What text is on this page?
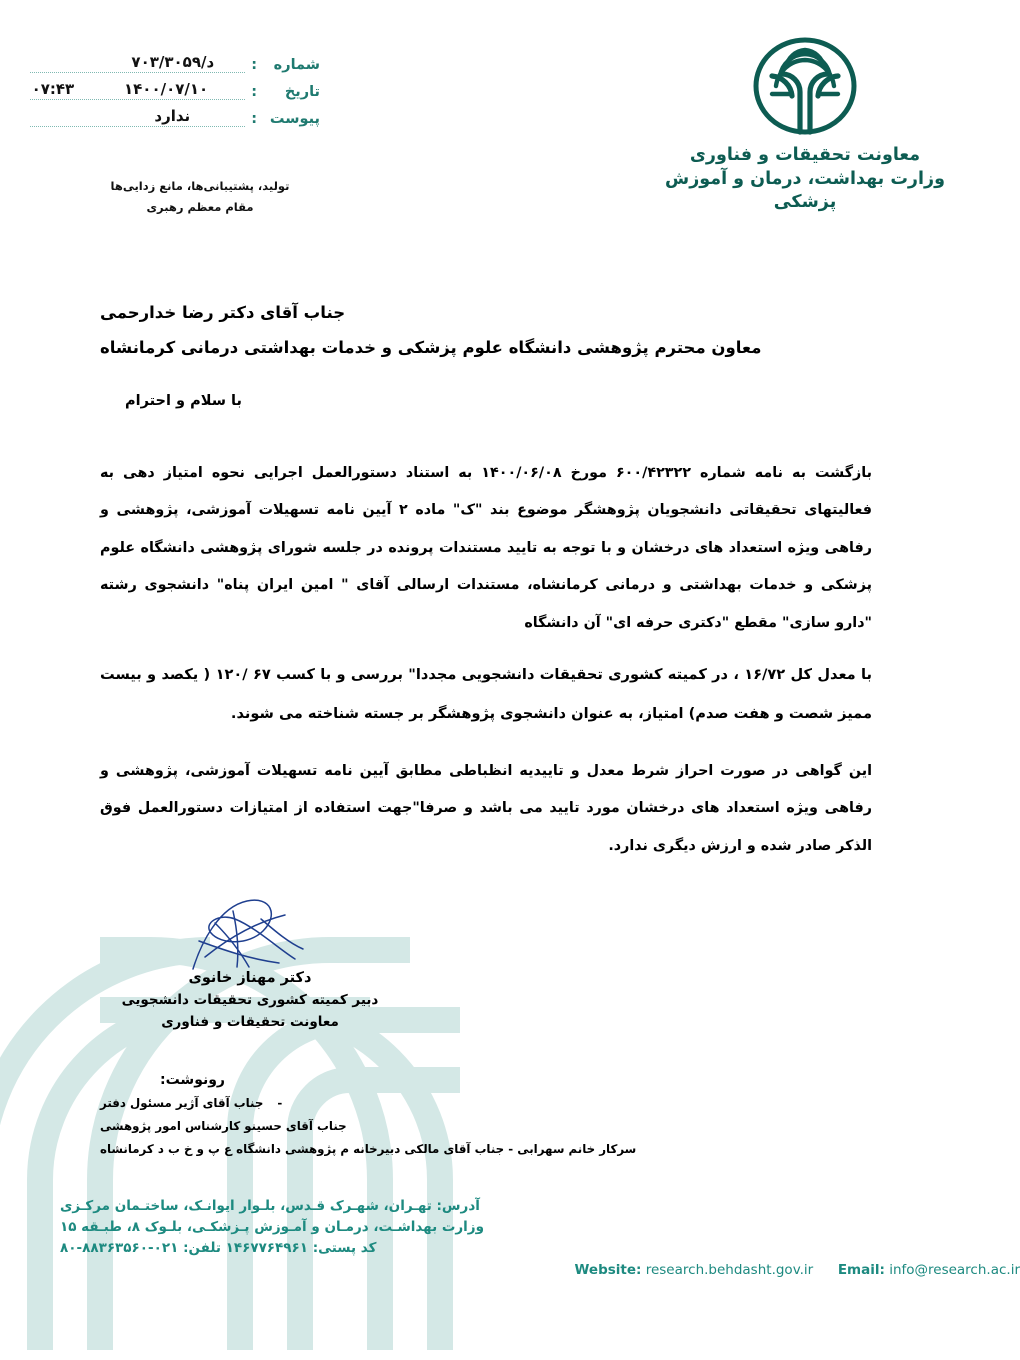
معاونت تحقیقات و فناوری
وزارت بهداشت، درمان و آموزش پزشکی
شماره
:
د/۷۰۳/۳۰۵۹
تاریخ
:
۱۴۰۰/۰۷/۱۰
۰۷:۴۳
پیوست
:
ندارد
تولید، پشتیبانی‌ها، مانع زدایی‌ها
مقام معظم رهبری
جناب آقای دکتر رضا خدارحمی
معاون محترم پژوهشی دانشگاه علوم پزشکی و خدمات بهداشتی درمانی کرمانشاه
با سلام و احترام

بازگشت به نامه شماره ۶۰۰/۴۲۳۲۲ مورخ ۱۴۰۰/۰۶/۰۸ به استناد دستورالعمل اجرایی نحوه امتیاز دهی به فعالیتهای تحقیقاتی دانشجویان پژوهشگر موضوع بند "ک" ماده ۲ آیین نامه تسهیلات آموزشی، پژوهشی و رفاهی ویژه استعداد های درخشان و با توجه به تایید مستندات پرونده در جلسه شورای پژوهشی دانشگاه علوم پزشکی و خدمات بهداشتی و درمانی کرمانشاه، مستندات ارسالی آقای " امین ایران پناه" دانشجوی رشته "دارو سازی" مقطع "دکتری حرفه ای" آن دانشگاه

با معدل کل ۱۶/۷۲ ، در کمیته کشوری تحقیقات دانشجویی مجددا" بررسی و با کسب ۶۷ /۱۲۰ ( یکصد و بیست ممیز شصت و هفت صدم) امتیاز، به عنوان دانشجوی پژوهشگر بر جسته شناخته می شوند.

این گواهی در صورت احراز شرط معدل و تاییدیه انظباطی مطابق آیین نامه تسهیلات آموزشی، پژوهشی و رفاهی ویژه استعداد های درخشان مورد تایید می باشد و صرفا"جهت استفاده از امتیازات دستورالعمل فوق الذکر صادر شده و ارزش دیگری ندارد.

دکتر مهناز خانوی
دبیر کمیته کشوری تحقیقات دانشجویی
معاونت تحقیقات و فناوری
رونوشت:
-جناب آقای آژیر مسئول دفتر
جناب آقای حسینو کارشناس امور پژوهشی
سرکار خانم سهرابی - جناب آقای مالکی دبیرخانه م پژوهشی دانشگاه ع پ و خ ب د کرمانشاه
آدرس: تهـران، شهـرک قـدس، بلـوار ایوانـک، ساختـمان مرکـزی
وزارت بهداشـت، درمـان و آمـوزش پـزشکـی، بلـوک ۸، طبـقه ۱۵
کد پستی: ۱۴۶۷۷۶۴۹۶۱ تلفن: ۰۲۱-۸۸۳۶۳۵۶۰-۸۰
Website: research.behdasht.gov.ir Email: info@research.ac.ir
